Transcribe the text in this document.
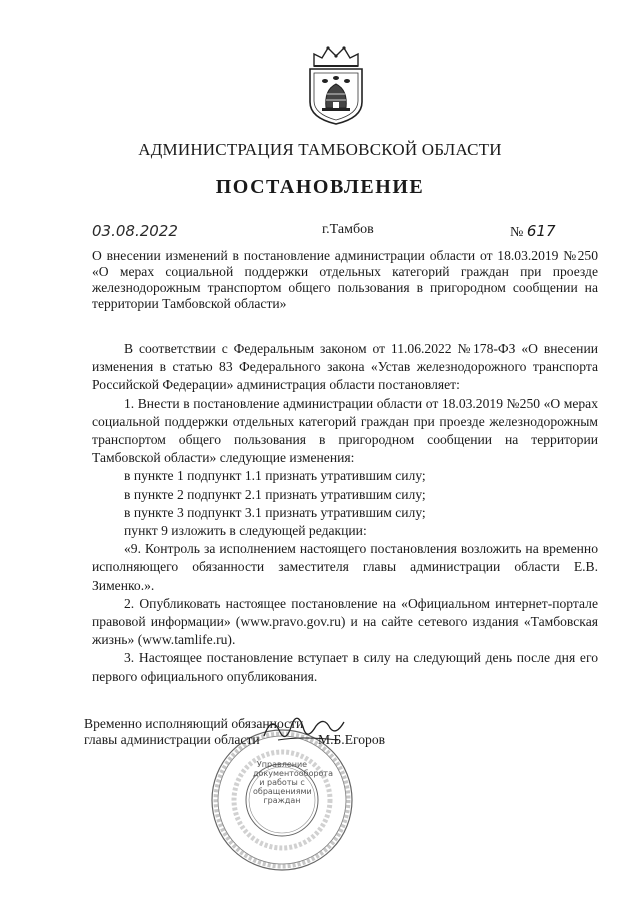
АДМИНИСТРАЦИЯ ТАМБОВСКОЙ ОБЛАСТИ
ПОСТАНОВЛЕНИЕ
03.08.2022	г.Тамбов	№ 617
О внесении изменений в постановление администрации области от 18.03.2019 №250 «О мерах социальной поддержки отдельных категорий граждан при проезде железнодорожным транспортом общего пользования в пригородном сообщении на территории Тамбовской области»

В соответствии с Федеральным законом от 11.06.2022 №178-ФЗ «О внесении изменения в статью 83 Федерального закона «Устав железнодорожного транспорта Российской Федерации» администрация области постановляет:

1. Внести в постановление администрации области от 18.03.2019 №250 «О мерах социальной поддержки отдельных категорий граждан при проезде железнодорожным транспортом общего пользования в пригородном сообщении на территории Тамбовской области» следующие изменения:

в пункте 1 подпункт 1.1 признать утратившим силу;

в пункте 2 подпункт 2.1 признать утратившим силу;

в пункте 3 подпункт 3.1 признать утратившим силу;

пункт 9 изложить в следующей редакции:

«9. Контроль за исполнением настоящего постановления возложить на временно исполняющего обязанности заместителя главы администрации области Е.В. Зименко.».

2. Опубликовать настоящее постановление на «Официальном интернет-портале правовой информации» (www.pravo.gov.ru) и на сайте сетевого издания «Тамбовская жизнь» (www.tamlife.ru).

3. Настоящее постановление вступает в силу на следующий день после дня его первого официального опубликования.

Управление документооборота и работы с обращениями граждан
Временно исполняющий обязанности
главы администрации области	М.Б.Егоров
